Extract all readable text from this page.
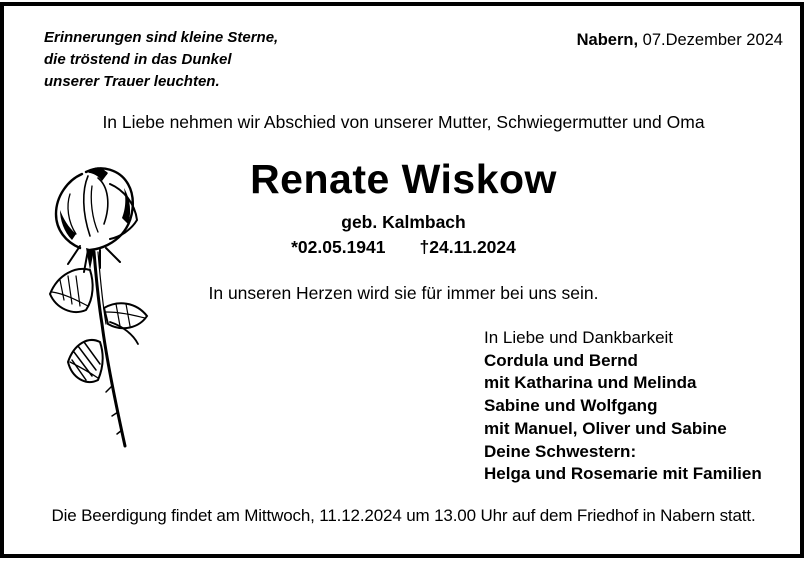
Erinnerungen sind kleine Sterne,
die tröstend in das Dunkel
unserer Trauer leuchten.
Nabern, 07.Dezember 2024
In Liebe nehmen wir Abschied von unserer Mutter, Schwiegermutter und Oma
Renate Wiskow
geb. Kalmbach
*02.05.1941 †24.11.2024
In unseren Herzen wird sie für immer bei uns sein.
In Liebe und Dankbarkeit
Cordula und Bernd
mit Katharina und Melinda
Sabine und Wolfgang
mit Manuel, Oliver und Sabine
Deine Schwestern:
Helga und Rosemarie mit Familien
Die Beerdigung findet am Mittwoch, 11.12.2024 um 13.00 Uhr auf dem Friedhof in Nabern statt.
